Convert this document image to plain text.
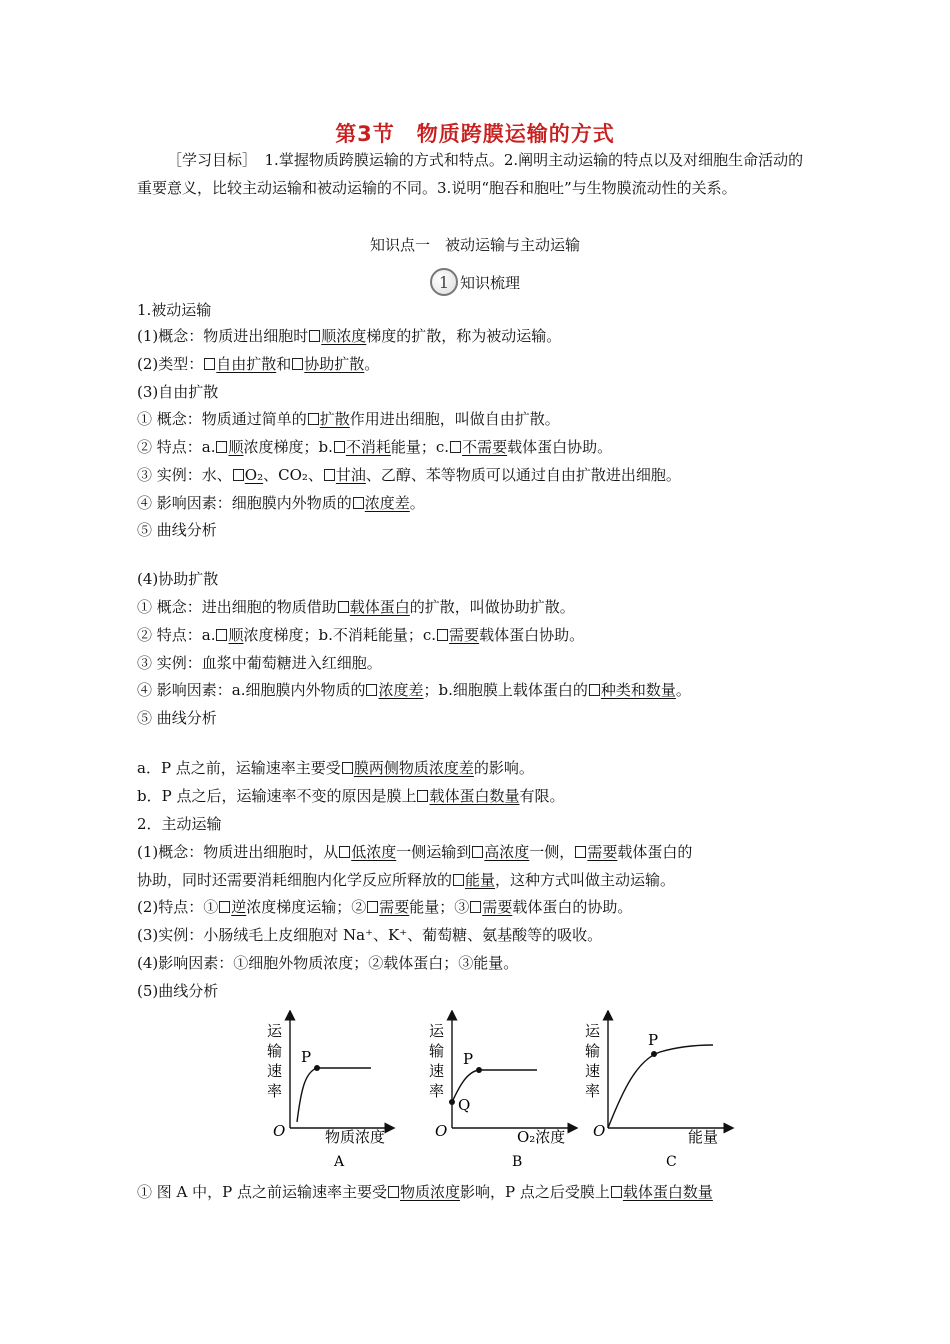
第3节　物质跨膜运输的方式
［学习目标］　1.掌握物质跨膜运输的方式和特点。2.阐明主动运输的特点以及对细胞生命活动的重要意义，比较主动运输和被动运输的不同。3.说明“胞吞和胞吐”与生物膜流动性的关系。
知识点一　被动运输与主动运输
1 知识梳理
1.被动运输
(1)概念：物质进出细胞时 顺浓度梯度的扩散，称为被动运输。
(2)类型： 自由扩散和 协助扩散。
(3)自由扩散
① 概念：物质通过简单的 扩散作用进出细胞，叫做自由扩散。
② 特点：a. 顺浓度梯度；b. 不消耗能量；c. 不需要载体蛋白协助。
③ 实例：水、 O₂、CO₂、 甘油、乙醇、苯等物质可以通过自由扩散进出细胞。
④ 影响因素：细胞膜内外物质的 浓度差。
⑤ 曲线分析
(4)协助扩散
① 概念：进出细胞的物质借助 载体蛋白的扩散，叫做协助扩散。
② 特点：a. 顺浓度梯度；b.不消耗能量；c. 需要载体蛋白协助。
③ 实例：血浆中葡萄糖进入红细胞。
④ 影响因素：a.细胞膜内外物质的 浓度差；b.细胞膜上载体蛋白的 种类和数量。
⑤ 曲线分析
a．P 点之前，运输速率主要受 膜两侧物质浓度差的影响。
b．P 点之后，运输速率不变的原因是膜上 载体蛋白数量有限。
2．主动运输
(1)概念：物质进出细胞时，从 低浓度一侧运输到 高浓度一侧， 需要载体蛋白的
协助，同时还需要消耗细胞内化学反应所释放的 能量，这种方式叫做主动运输。
(2)特点：① 逆浓度梯度运输；② 需要能量；③ 需要载体蛋白的协助。
(3)实例：小肠绒毛上皮细胞对 Na⁺、K⁺、葡萄糖、氨基酸等的吸收。
(4)影响因素：①细胞外物质浓度；②载体蛋白；③能量。
(5)曲线分析
运
输
速
率
O	物质浓度
P
A
运
输
速
率
O	O₂浓度
P
Q
B
运
输
速
率
O	能量
P
C
① 图 A 中，P 点之前运输速率主要受 物质浓度影响，P 点之后受膜上 载体蛋白数量
